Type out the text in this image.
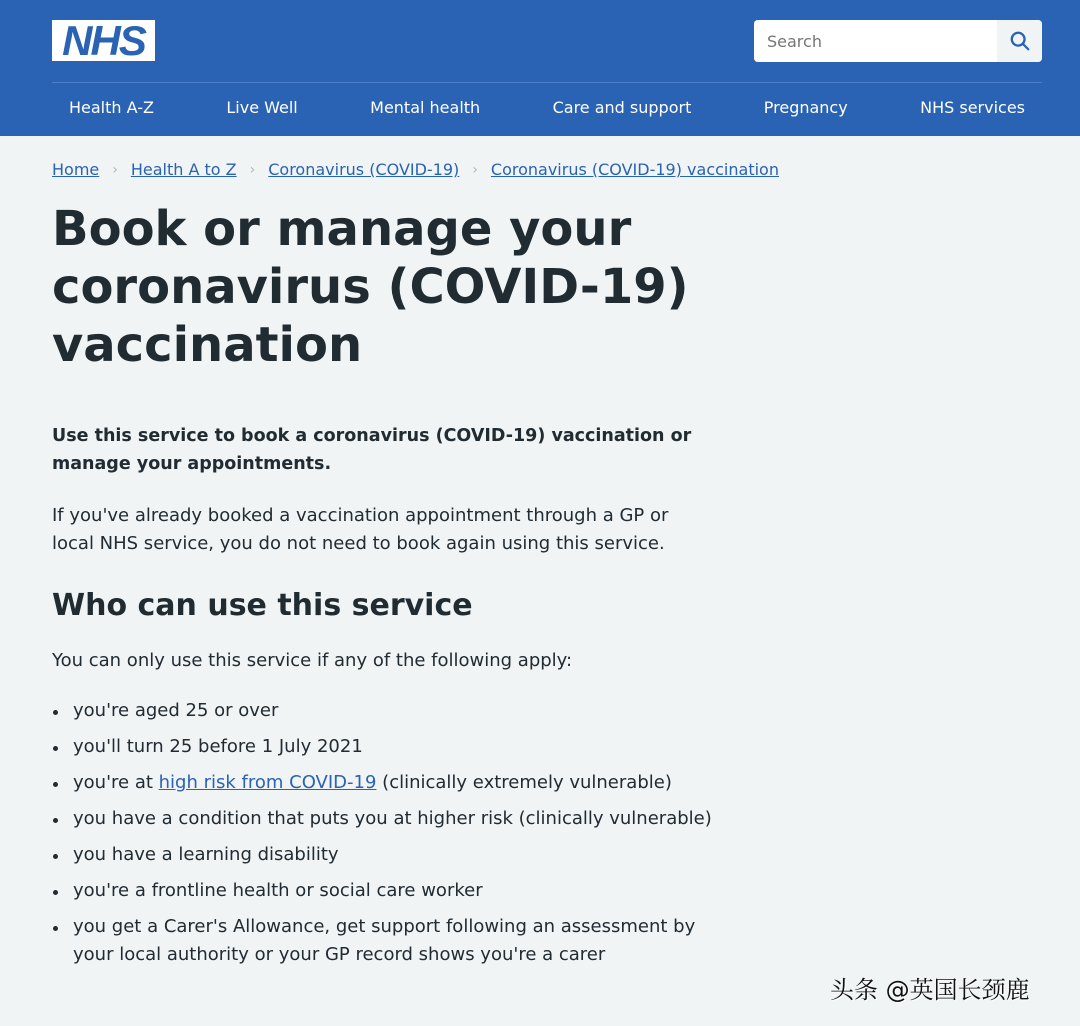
NHS
Search
Health A-Z	Live Well	Mental health	Care and support	Pregnancy	NHS services
Home › Health A to Z › Coronavirus (COVID-19) › Coronavirus (COVID-19) vaccination
Book or manage your coronavirus (COVID-19) vaccination

Use this service to book a coronavirus (COVID-19) vaccination or manage your appointments.

If you've already booked a vaccination appointment through a GP or local NHS service, you do not need to book again using this service.

Who can use this service

You can only use this service if any of the following apply:

you're aged 25 or over
you'll turn 25 before 1 July 2021
you're at high risk from COVID-19 (clinically extremely vulnerable)
you have a condition that puts you at higher risk (clinically vulnerable)
you have a learning disability
you're a frontline health or social care worker
you get a Carer's Allowance, get support following an assessment by your local authority or your GP record shows you're a carer
头条 @英国长颈鹿
